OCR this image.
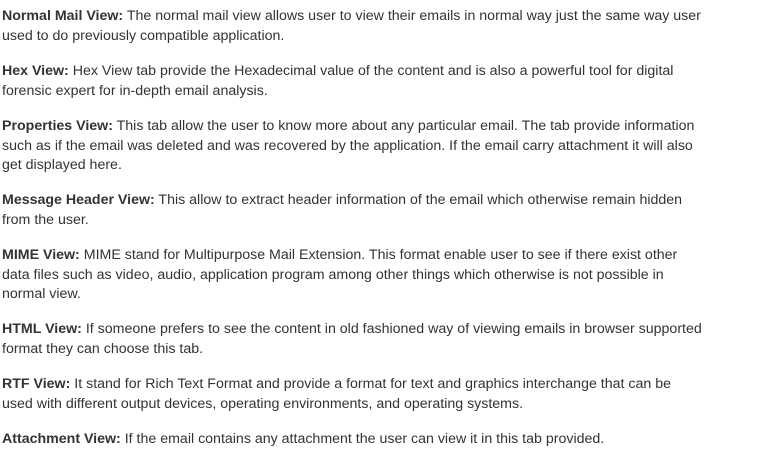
Normal Mail View: The normal mail view allows user to view their emails in normal way just the same way user used to do previously compatible application.

Hex View: Hex View tab provide the Hexadecimal value of the content and is also a powerful tool for digital forensic expert for in-depth email analysis.

Properties View: This tab allow the user to know more about any particular email. The tab provide information such as if the email was deleted and was recovered by the application. If the email carry attachment it will also get displayed here.

Message Header View: This allow to extract header information of the email which otherwise remain hidden from the user.

MIME View: MIME stand for Multipurpose Mail Extension. This format enable user to see if there exist other data files such as video, audio, application program among other things which otherwise is not possible in normal view.

HTML View: If someone prefers to see the content in old fashioned way of viewing emails in browser supported format they can choose this tab.

RTF View: It stand for Rich Text Format and provide a format for text and graphics interchange that can be used with different output devices, operating environments, and operating systems.

Attachment View: If the email contains any attachment the user can view it in this tab provided.
